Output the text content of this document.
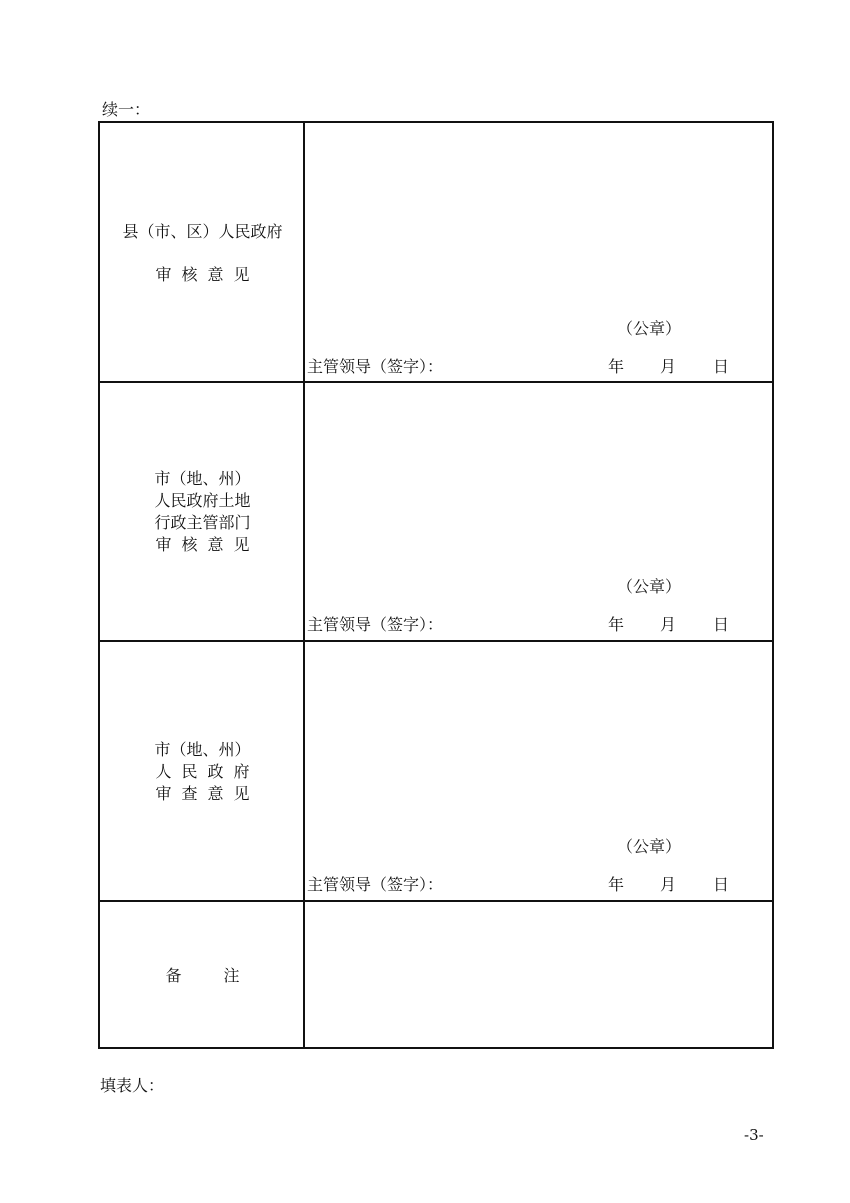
续一：
县（市、区）人民政府
审核意见
（公章）
主管领导（签字）：	年 月 日
市（地、州）
人民政府土地
行政主管部门
审核意见
（公章）
主管领导（签字）：	年 月 日
市（地、州）
人民政府
审查意见
（公章）
主管领导（签字）：	年 月 日
备注
填表人：
-3-
